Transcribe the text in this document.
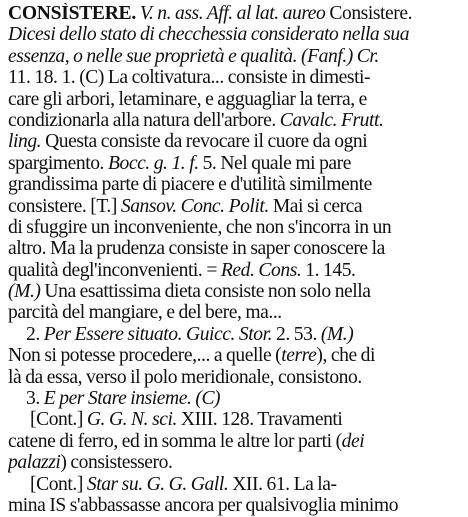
CONSÌSTERE. V. n. ass. Aff. al lat. aureo Consistere.
Dicesi dello stato di checchessia considerato nella sua
essenza, o nelle sue proprietà e qualità. (Fanf.) Cr.
11. 18. 1. (C) La coltivatura... consiste in dimesti-
care gli arbori, letaminare, e agguagliar la terra, e
condizionarla alla natura dell'arbore. Cavalc. Frutt.
ling. Questa consiste da revocare il cuore da ogni
spargimento. Bocc. g. 1. f. 5. Nel quale mi pare
grandissima parte di piacere e d'utilità similmente
consistere. [T.] Sansov. Conc. Polit. Mai si cerca
di sfuggire un inconveniente, che non s'incorra in un
altro. Ma la prudenza consiste in saper conoscere la
qualità degl'inconvenienti. = Red. Cons. 1. 145.
(M.) Una esattissima dieta consiste non solo nella
parcità del mangiare, e del bere, ma...
2. Per Essere situato. Guicc. Stor. 2. 53. (M.)
Non si potesse procedere,... a quelle (terre), che di
là da essa, verso il polo meridionale, consistono.
3. E per Stare insieme. (C)
[Cont.] G. G. N. sci. XIII. 128. Travamenti
catene di ferro, ed in somma le altre lor parti (dei
palazzi) consistessero.
[Cont.] Star su. G. G. Gall. XII. 61. La la-
mina IS s'abbassasse ancora per qualsivoglia minimo
